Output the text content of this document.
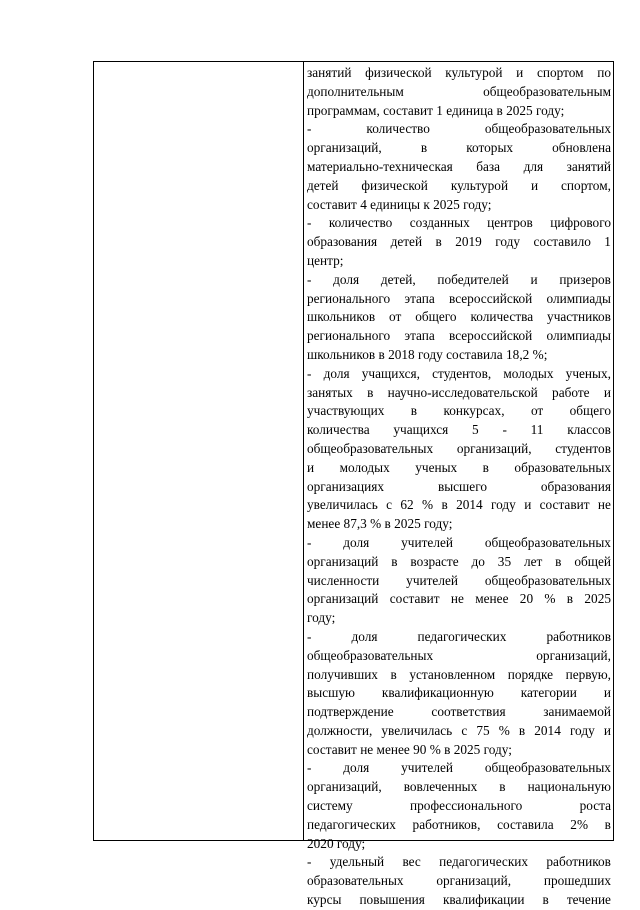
занятий физической культурой и спортом по
дополнительным	общеобразовательным
программам, составит 1 единица в 2025 году;
-	количество	общеобразовательных
организаций,	в	которых	обновлена
материально-техническая база для занятий
детей физической культурой и спортом,
составит 4 единицы к 2025 году;
- количество созданных центров цифрового
образования детей в 2019 году составило 1
центр;
- доля детей, победителей и призеров
регионального этапа всероссийской олимпиады
школьников от общего количества участников
регионального этапа всероссийской олимпиады
школьников в 2018 году составила 18,2 %;
- доля учащихся, студентов, молодых ученых,
занятых в научно-исследовательской работе и
участвующих в конкурсах, от общего
количества учащихся 5 - 11 классов
общеобразовательных организаций, студентов
и молодых ученых в образовательных
организациях	высшего	образования
увеличилась с 62 % в 2014 году и составит не
менее 87,3 % в 2025 году;
- доля учителей общеобразовательных
организаций в возрасте до 35 лет в общей
численности учителей общеобразовательных
организаций составит не менее 20 % в 2025
году;
-	доля	педагогических	работников
общеобразовательных	организаций,
получивших в установленном порядке первую,
высшую квалификационную категории и
подтверждение	соответствия	занимаемой
должности, увеличилась с 75 % в 2014 году и
составит не менее 90 % в 2025 году;
- доля учителей общеобразовательных
организаций, вовлеченных в национальную
систему	профессионального	роста
педагогических работников, составила 2% в
2020 году;
- удельный вес педагогических работников
образовательных организаций, прошедших
курсы повышения квалификации в течение
